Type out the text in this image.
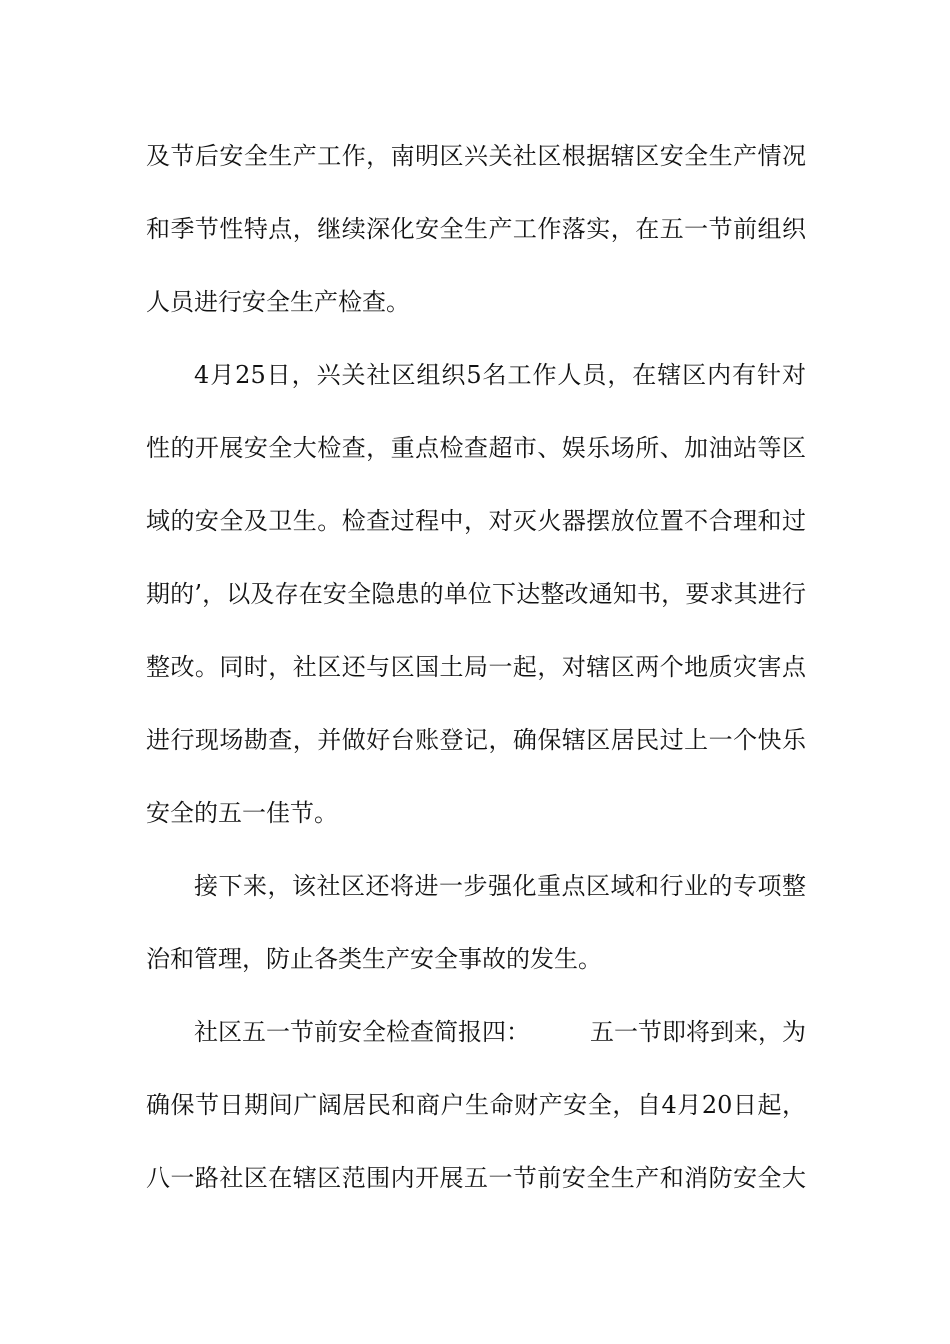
及节后安全生产工作，南明区兴关社区根据辖区安全生产情况
和季节性特点，继续深化安全生产工作落实，在五一节前组织
人员进行安全生产检查。
4月25日，兴关社区组织5名工作人员，在辖区内有针对
性的开展安全大检查，重点检查超市、娱乐场所、加油站等区
域的安全及卫生。检查过程中，对灭火器摆放位置不合理和过
期的’，以及存在安全隐患的单位下达整改通知书，要求其进行
整改。同时，社区还与区国土局一起，对辖区两个地质灾害点
进行现场勘查，并做好台账登记，确保辖区居民过上一个快乐
安全的五一佳节。
接下来，该社区还将进一步强化重点区域和行业的专项整
治和管理，防止各类生产安全事故的发生。
社区五一节前安全检查简报四：	五一节即将到来，为
确保节日期间广阔居民和商户生命财产安全，自4月20日起，
八一路社区在辖区范围内开展五一节前安全生产和消防安全大
